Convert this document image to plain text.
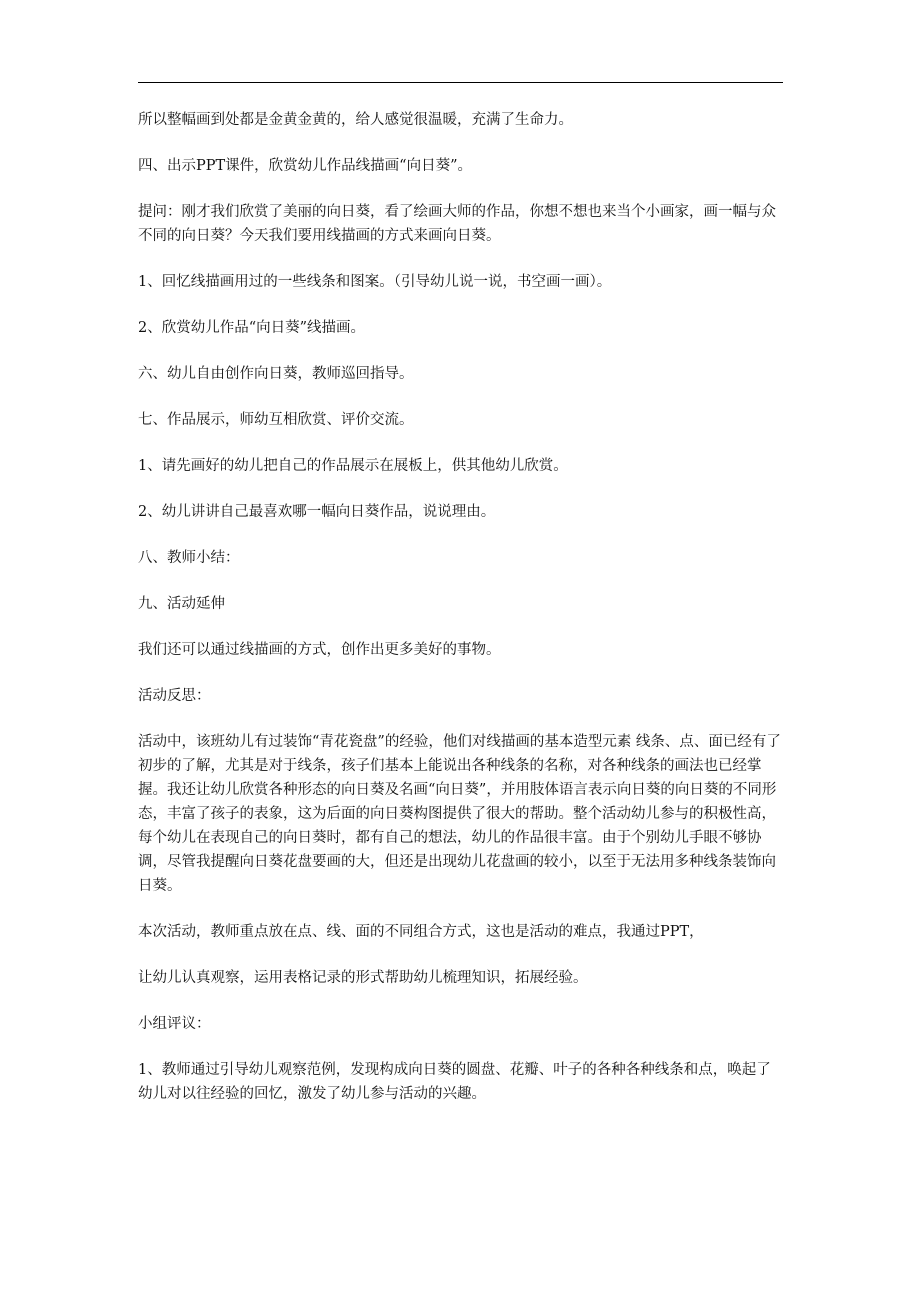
所以整幅画到处都是金黄金黄的，给人感觉很温暖，充满了生命力。

四、出示PPT课件，欣赏幼儿作品线描画“向日葵”。

提问：刚才我们欣赏了美丽的向日葵，看了绘画大师的作品，你想不想也来当个小画家，画一幅与众不同的向日葵？今天我们要用线描画的方式来画向日葵。

1、回忆线描画用过的一些线条和图案。（引导幼儿说一说，书空画一画）。

2、欣赏幼儿作品“向日葵”线描画。

六、幼儿自由创作向日葵，教师巡回指导。

七、作品展示，师幼互相欣赏、评价交流。

1、请先画好的幼儿把自己的作品展示在展板上，供其他幼儿欣赏。

2、幼儿讲讲自己最喜欢哪一幅向日葵作品，说说理由。

八、教师小结：

九、活动延伸

我们还可以通过线描画的方式，创作出更多美好的事物。

活动反思：

活动中，该班幼儿有过装饰“青花瓷盘”的经验，他们对线描画的基本造型元素 线条、点、面已经有了初步的了解，尤其是对于线条，孩子们基本上能说出各种线条的名称，对各种线条的画法也已经掌握。我还让幼儿欣赏各种形态的向日葵及名画“向日葵”，并用肢体语言表示向日葵的向日葵的不同形态，丰富了孩子的表象，这为后面的向日葵构图提供了很大的帮助。整个活动幼儿参与的积极性高，每个幼儿在表现自己的向日葵时，都有自己的想法，幼儿的作品很丰富。由于个别幼儿手眼不够协调，尽管我提醒向日葵花盘要画的大，但还是出现幼儿花盘画的较小，以至于无法用多种线条装饰向日葵。

本次活动，教师重点放在点、线、面的不同组合方式，这也是活动的难点，我通过PPT，

让幼儿认真观察，运用表格记录的形式帮助幼儿梳理知识，拓展经验。

小组评议：

1、教师通过引导幼儿观察范例，发现构成向日葵的圆盘、花瓣、叶子的各种各种线条和点，唤起了幼儿对以往经验的回忆，激发了幼儿参与活动的兴趣。
